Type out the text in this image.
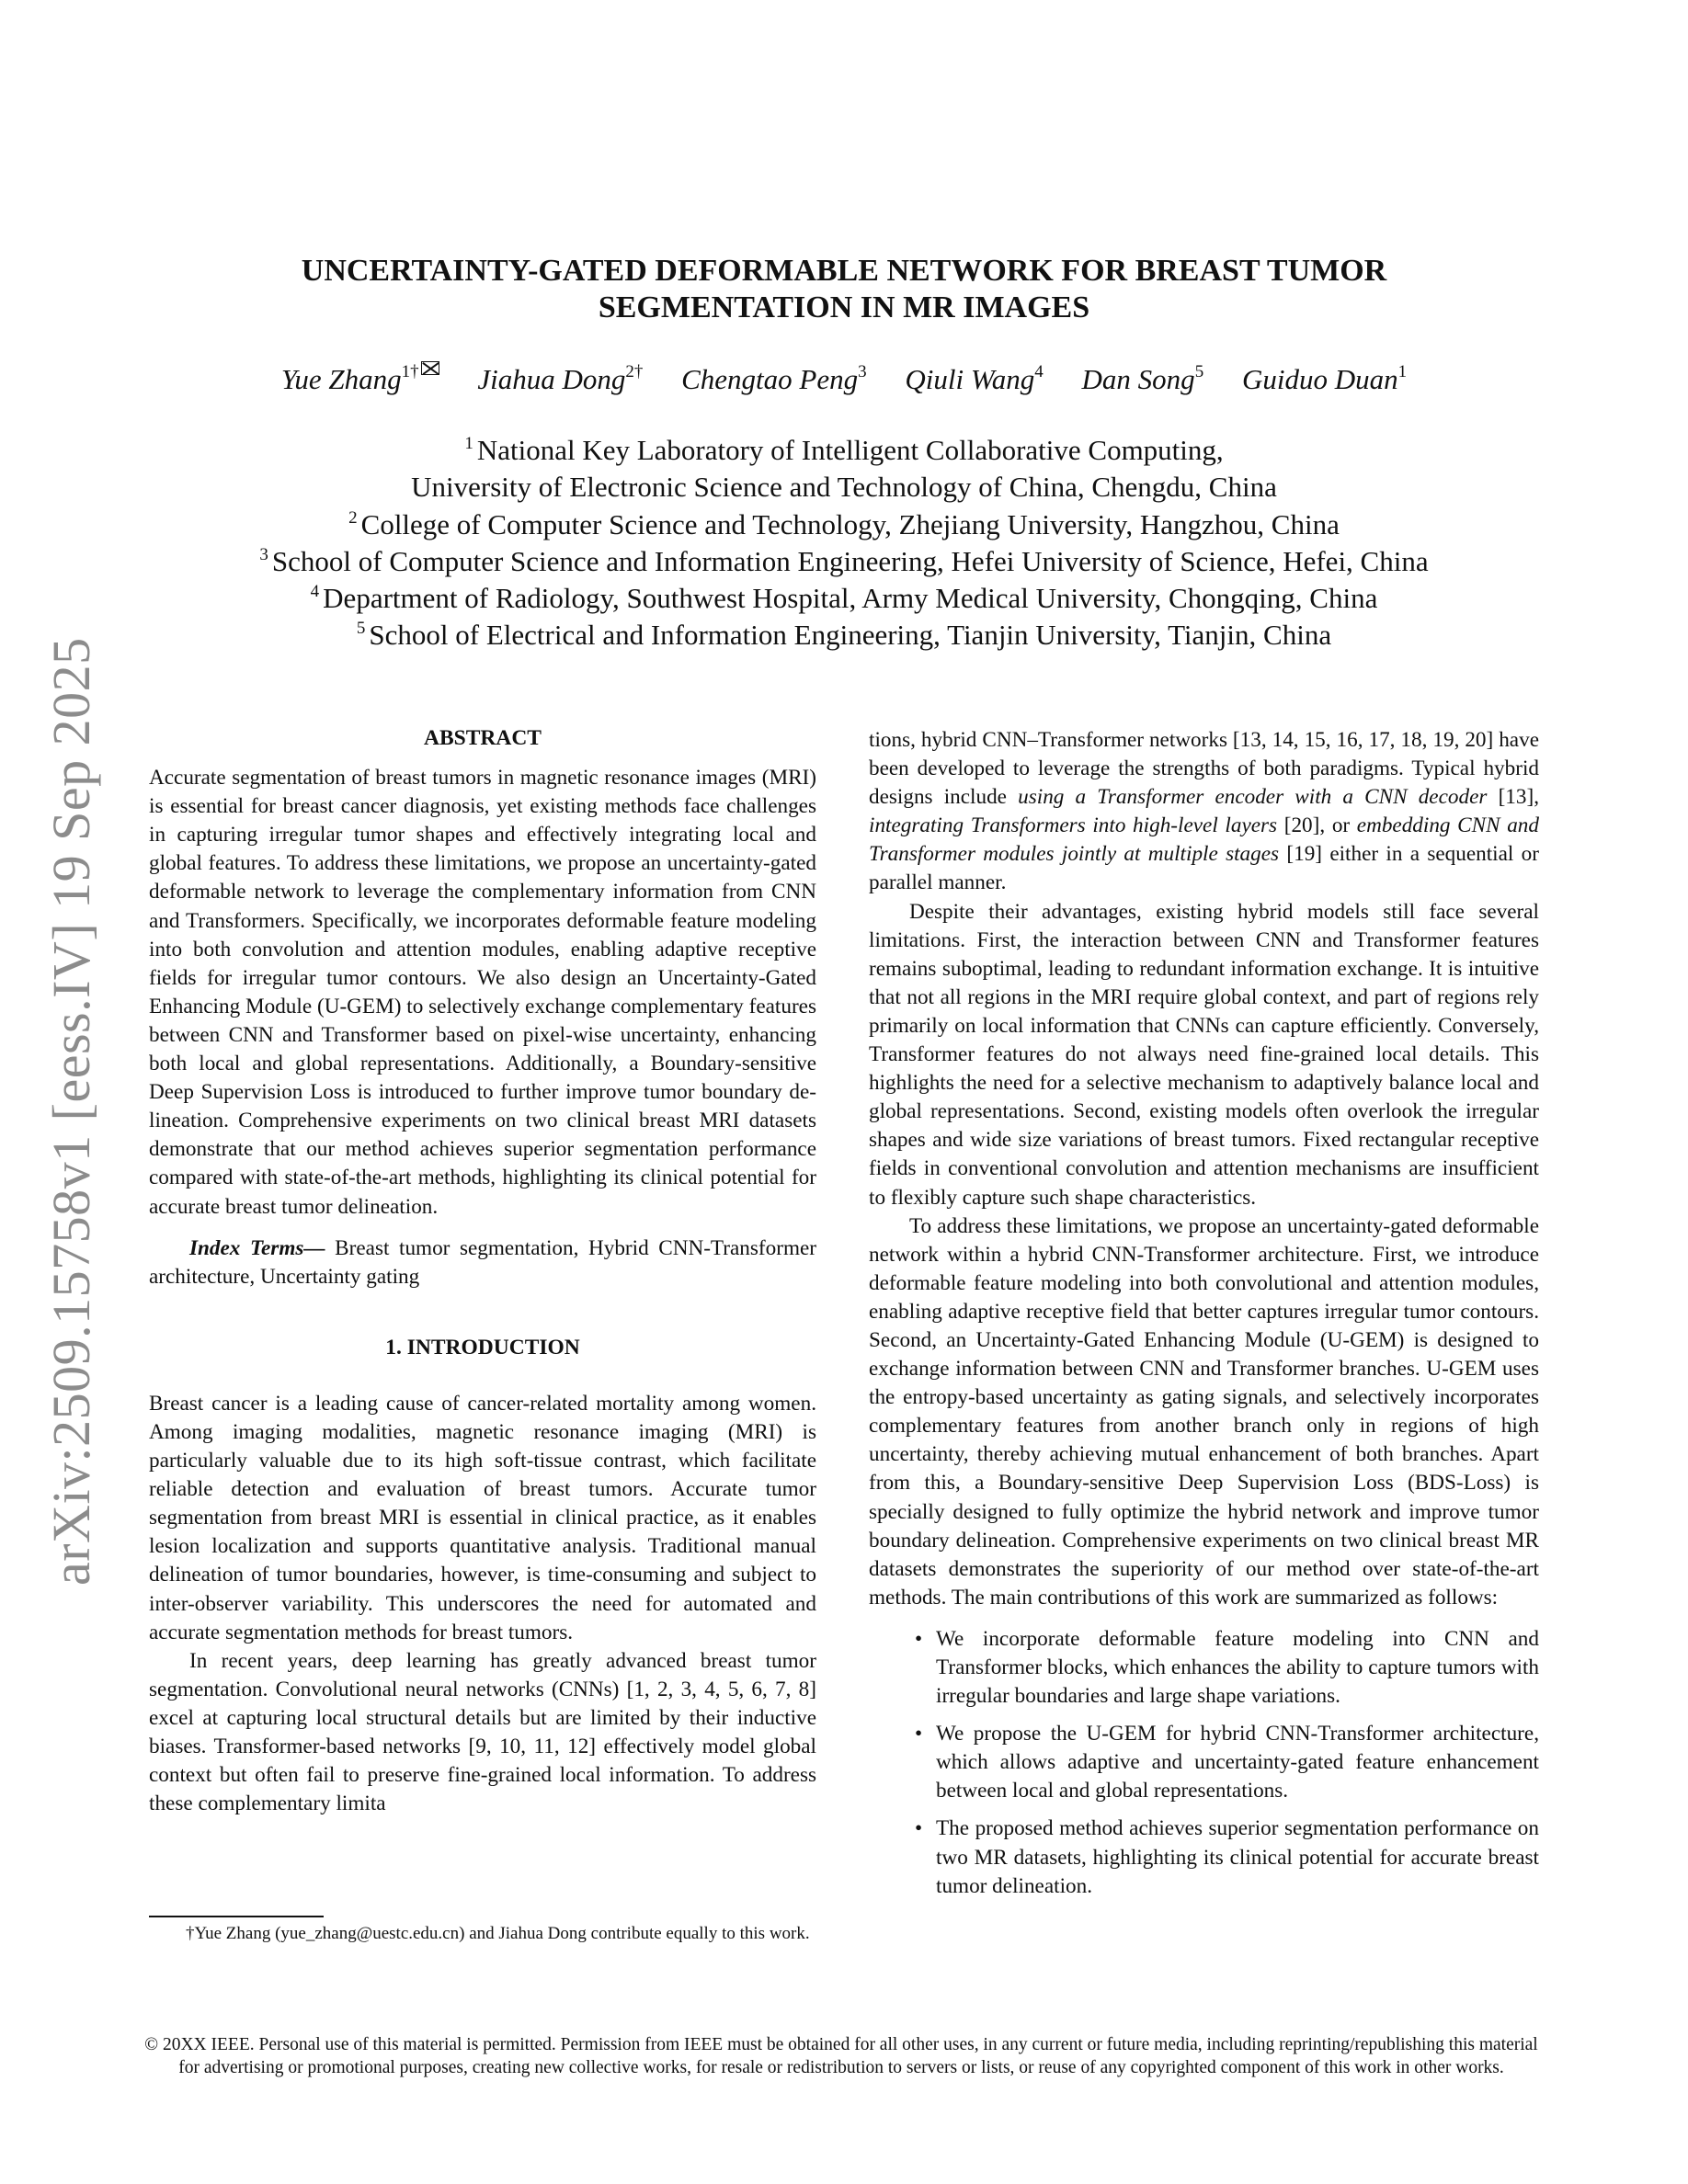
arXiv:2509.15758v1 [eess.IV] 19 Sep 2025
UNCERTAINTY-GATED DEFORMABLE NETWORK FOR BREAST TUMOR
SEGMENTATION IN MR IMAGES
Yue Zhang$^{1\dagger}$ Jiahua Dong$^{2\dagger}$ Chengtao Peng$^3$ Qiuli Wang$^4$ Dan Song$^5$ Guiduo Duan$^1$
$^1$ National Key Laboratory of Intelligent Collaborative Computing,
University of Electronic Science and Technology of China, Chengdu, China
$^2$ College of Computer Science and Technology, Zhejiang University, Hangzhou, China
$^3$ School of Computer Science and Information Engineering, Hefei University of Science, Hefei, China
$^4$ Department of Radiology, Southwest Hospital, Army Medical University, Chongqing, China
$^5$ School of Electrical and Information Engineering, Tianjin University, Tianjin, China
ABSTRACT

Accurate segmentation of breast tumors in magnetic resonance images (MRI) is essential for breast cancer diagnosis, yet existing methods face challenges in capturing irregular tumor shapes and effectively integrating local and global features. To address these limitations, we propose an uncertainty-gated deformable network to leverage the complementary information from CNN and Transformers. Specifically, we incorporates deformable feature modeling into both convolution and attention modules, enabling adaptive receptive fields for irregular tumor contours. We also design an Uncertainty-Gated Enhancing Module (U-GEM) to selectively exchange complementary features between CNN and Transformer based on pixel-wise uncertainty, enhancing both local and global representations. Additionally, a Boundary-sensitive Deep Supervision Loss is introduced to further improve tumor boundary delineation. Comprehensive experiments on two clinical breast MRI datasets demonstrate that our method achieves superior segmentation performance compared with state-of-the-art methods, highlighting its clinical potential for accurate breast tumor delineation.

Index Terms— Breast tumor segmentation, Hybrid CNN-Transformer architecture, Uncertainty gating

1. INTRODUCTION

Breast cancer is a leading cause of cancer-related mortality among women. Among imaging modalities, magnetic resonance imaging (MRI) is particularly valuable due to its high soft-tissue contrast, which facilitate reliable detection and evaluation of breast tumors. Accurate tumor segmentation from breast MRI is essential in clinical practice, as it enables lesion localization and supports quantitative analysis. Traditional manual delineation of tumor boundaries, however, is time-consuming and subject to inter-observer variability. This underscores the need for automated and accurate segmentation methods for breast tumors.

In recent years, deep learning has greatly advanced breast tumor segmentation. Convolutional neural networks (CNNs) [1, 2, 3, 4, 5, 6, 7, 8] excel at capturing local structural details but are limited by their inductive biases. Transformer-based networks [9, 10, 11, 12] effectively model global context but often fail to preserve fine-grained local information. To address these complementary limita

†Yue Zhang (yue_zhang@uestc.edu.cn) and Jiahua Dong contribute equally to this work.

tions, hybrid CNN–Transformer networks [13, 14, 15, 16, 17, 18, 19, 20] have been developed to leverage the strengths of both paradigms. Typical hybrid designs include using a Transformer encoder with a CNN decoder [13], integrating Transformers into high-level layers [20], or embedding CNN and Transformer modules jointly at multiple stages [19] either in a sequential or parallel manner.

Despite their advantages, existing hybrid models still face several limitations. First, the interaction between CNN and Transformer features remains suboptimal, leading to redundant information exchange. It is intuitive that not all regions in the MRI require global context, and part of regions rely primarily on local information that CNNs can capture efficiently. Conversely, Transformer features do not always need fine-grained local details. This highlights the need for a selective mechanism to adaptively balance local and global representations. Second, existing models often overlook the irregular shapes and wide size variations of breast tumors. Fixed rectangular receptive fields in conventional convolution and attention mechanisms are insufficient to flexibly capture such shape characteristics.

To address these limitations, we propose an uncertainty-gated deformable network within a hybrid CNN-Transformer architecture. First, we introduce deformable feature modeling into both convolutional and attention modules, enabling adaptive receptive field that better captures irregular tumor contours. Second, an Uncertainty-Gated Enhancing Module (U-GEM) is designed to exchange information between CNN and Transformer branches. U-GEM uses the entropy-based uncertainty as gating signals, and selectively incorporates complementary features from another branch only in regions of high uncertainty, thereby achieving mutual enhancement of both branches. Apart from this, a Boundary-sensitive Deep Supervision Loss (BDS-Loss) is specially designed to fully optimize the hybrid network and improve tumor boundary delineation. Comprehensive experiments on two clinical breast MR datasets demonstrates the superiority of our method over state-of-the-art methods. The main contributions of this work are summarized as follows:

• We incorporate deformable feature modeling into CNN and Transformer blocks, which enhances the ability to capture tumors with irregular boundaries and large shape variations.
• We propose the U-GEM for hybrid CNN-Transformer architecture, which allows adaptive and uncertainty-gated feature enhancement between local and global representations.
• The proposed method achieves superior segmentation performance on two MR datasets, highlighting its clinical potential for accurate breast tumor delineation.
© 20XX IEEE. Personal use of this material is permitted. Permission from IEEE must be obtained for all other uses, in any current or future media, including reprinting/republishing this material for advertising or promotional purposes, creating new collective works, for resale or redistribution to servers or lists, or reuse of any copyrighted component of this work in other works.
